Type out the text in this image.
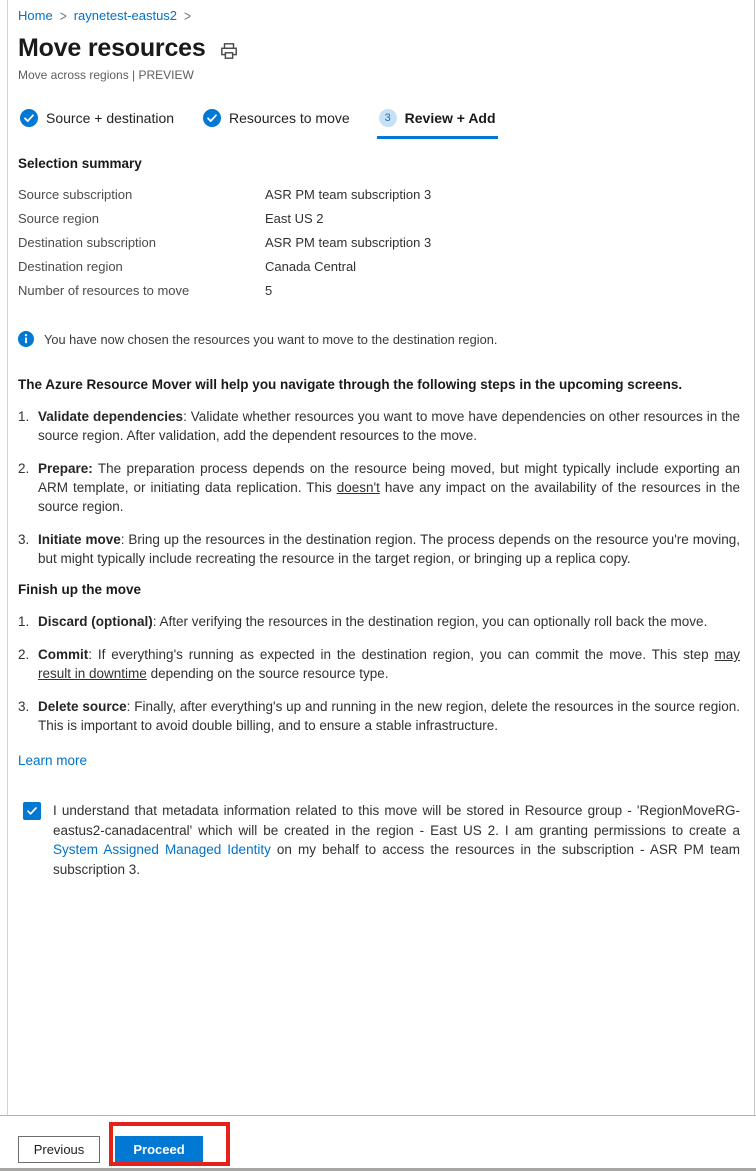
Home > raynetest-eastus2 >
Move resources
Move across regions | PREVIEW
Source + destination	Resources to move	3 Review + Add
Selection summary
Source subscription	ASR PM team subscription 3
Source region	East US 2
Destination subscription	ASR PM team subscription 3
Destination region	Canada Central
Number of resources to move	5
You have now chosen the resources you want to move to the destination region.
The Azure Resource Mover will help you navigate through the following steps in the upcoming screens.
1. Validate dependencies: Validate whether resources you want to move have dependencies on other resources in the source region. After validation, add the dependent resources to the move.
2. Prepare: The preparation process depends on the resource being moved, but might typically include exporting an ARM template, or initiating data replication. This doesn't have any impact on the availability of the resources in the source region.
3. Initiate move: Bring up the resources in the destination region. The process depends on the resource you're moving, but might typically include recreating the resource in the target region, or bringing up a replica copy.
Finish up the move
1. Discard (optional): After verifying the resources in the destination region, you can optionally roll back the move.
2. Commit: If everything's running as expected in the destination region, you can commit the move. This step may result in downtime depending on the source resource type.
3. Delete source: Finally, after everything's up and running in the new region, delete the resources in the source region. This is important to avoid double billing, and to ensure a stable infrastructure.
Learn more
I understand that metadata information related to this move will be stored in Resource group - 'RegionMoveRG-eastus2-canadacentral' which will be created in the region - East US 2. I am granting permissions to create a System Assigned Managed Identity on my behalf to access the resources in the subscription - ASR PM team subscription 3.
Previous	Proceed
